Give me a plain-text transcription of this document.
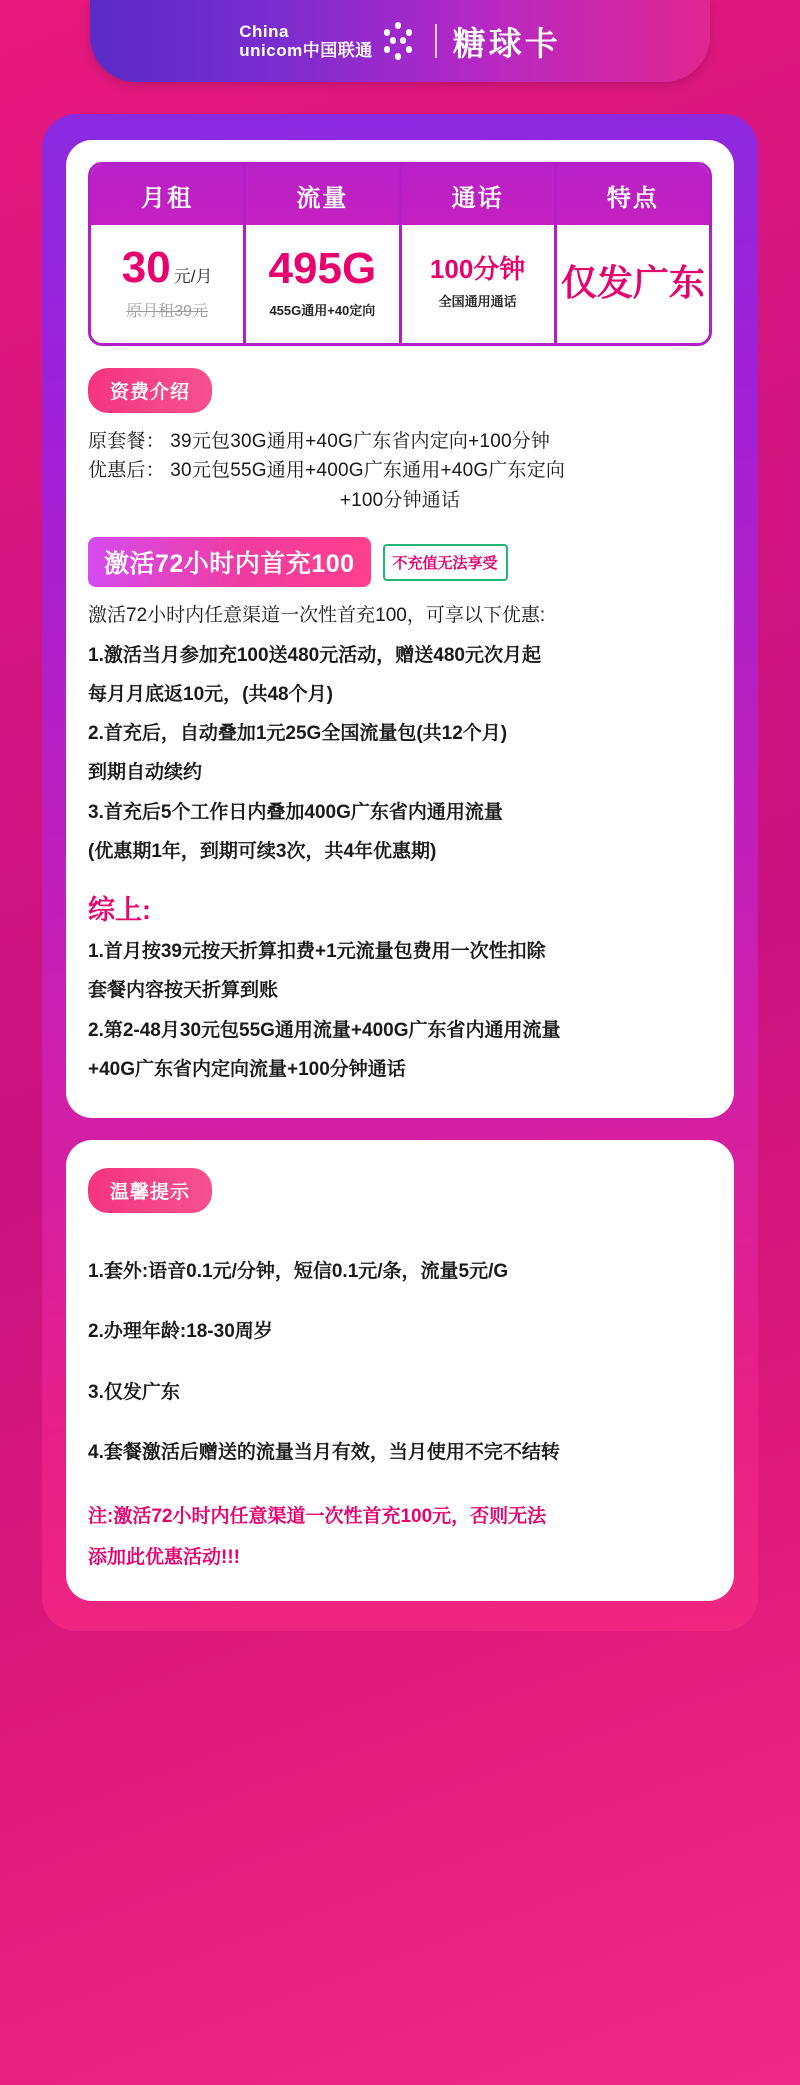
China
unicom中国联通 糖球卡
月租
30 元/月
原月租39元
流量
495G
455G通用+40定向
通话
100分钟
全国通用通话
特点
仅发广东
资费介绍
原套餐： 39元包30G通用+40G广东省内定向+100分钟
优惠后： 30元包55G通用+400G广东通用+40G广东定向
+100分钟通话
激活72小时内首充100	不充值无法享受
激活72小时内任意渠道一次性首充100，可享以下优惠:
1.激活当月参加充100送480元活动，赠送480元次月起
每月月底返10元，(共48个月)
2.首充后，自动叠加1元25G全国流量包(共12个月)
到期自动续约
3.首充后5个工作日内叠加400G广东省内通用流量
(优惠期1年，到期可续3次，共4年优惠期)
综上:
1.首月按39元按天折算扣费+1元流量包费用一次性扣除
套餐内容按天折算到账
2.第2-48月30元包55G通用流量+400G广东省内通用流量
+40G广东省内定向流量+100分钟通话
温馨提示
1.套外:语音0.1元/分钟，短信0.1元/条，流量5元/G
2.办理年龄:18-30周岁
3.仅发广东
4.套餐激活后赠送的流量当月有效，当月使用不完不结转
注:激活72小时内任意渠道一次性首充100元，否则无法
添加此优惠活动!!!
